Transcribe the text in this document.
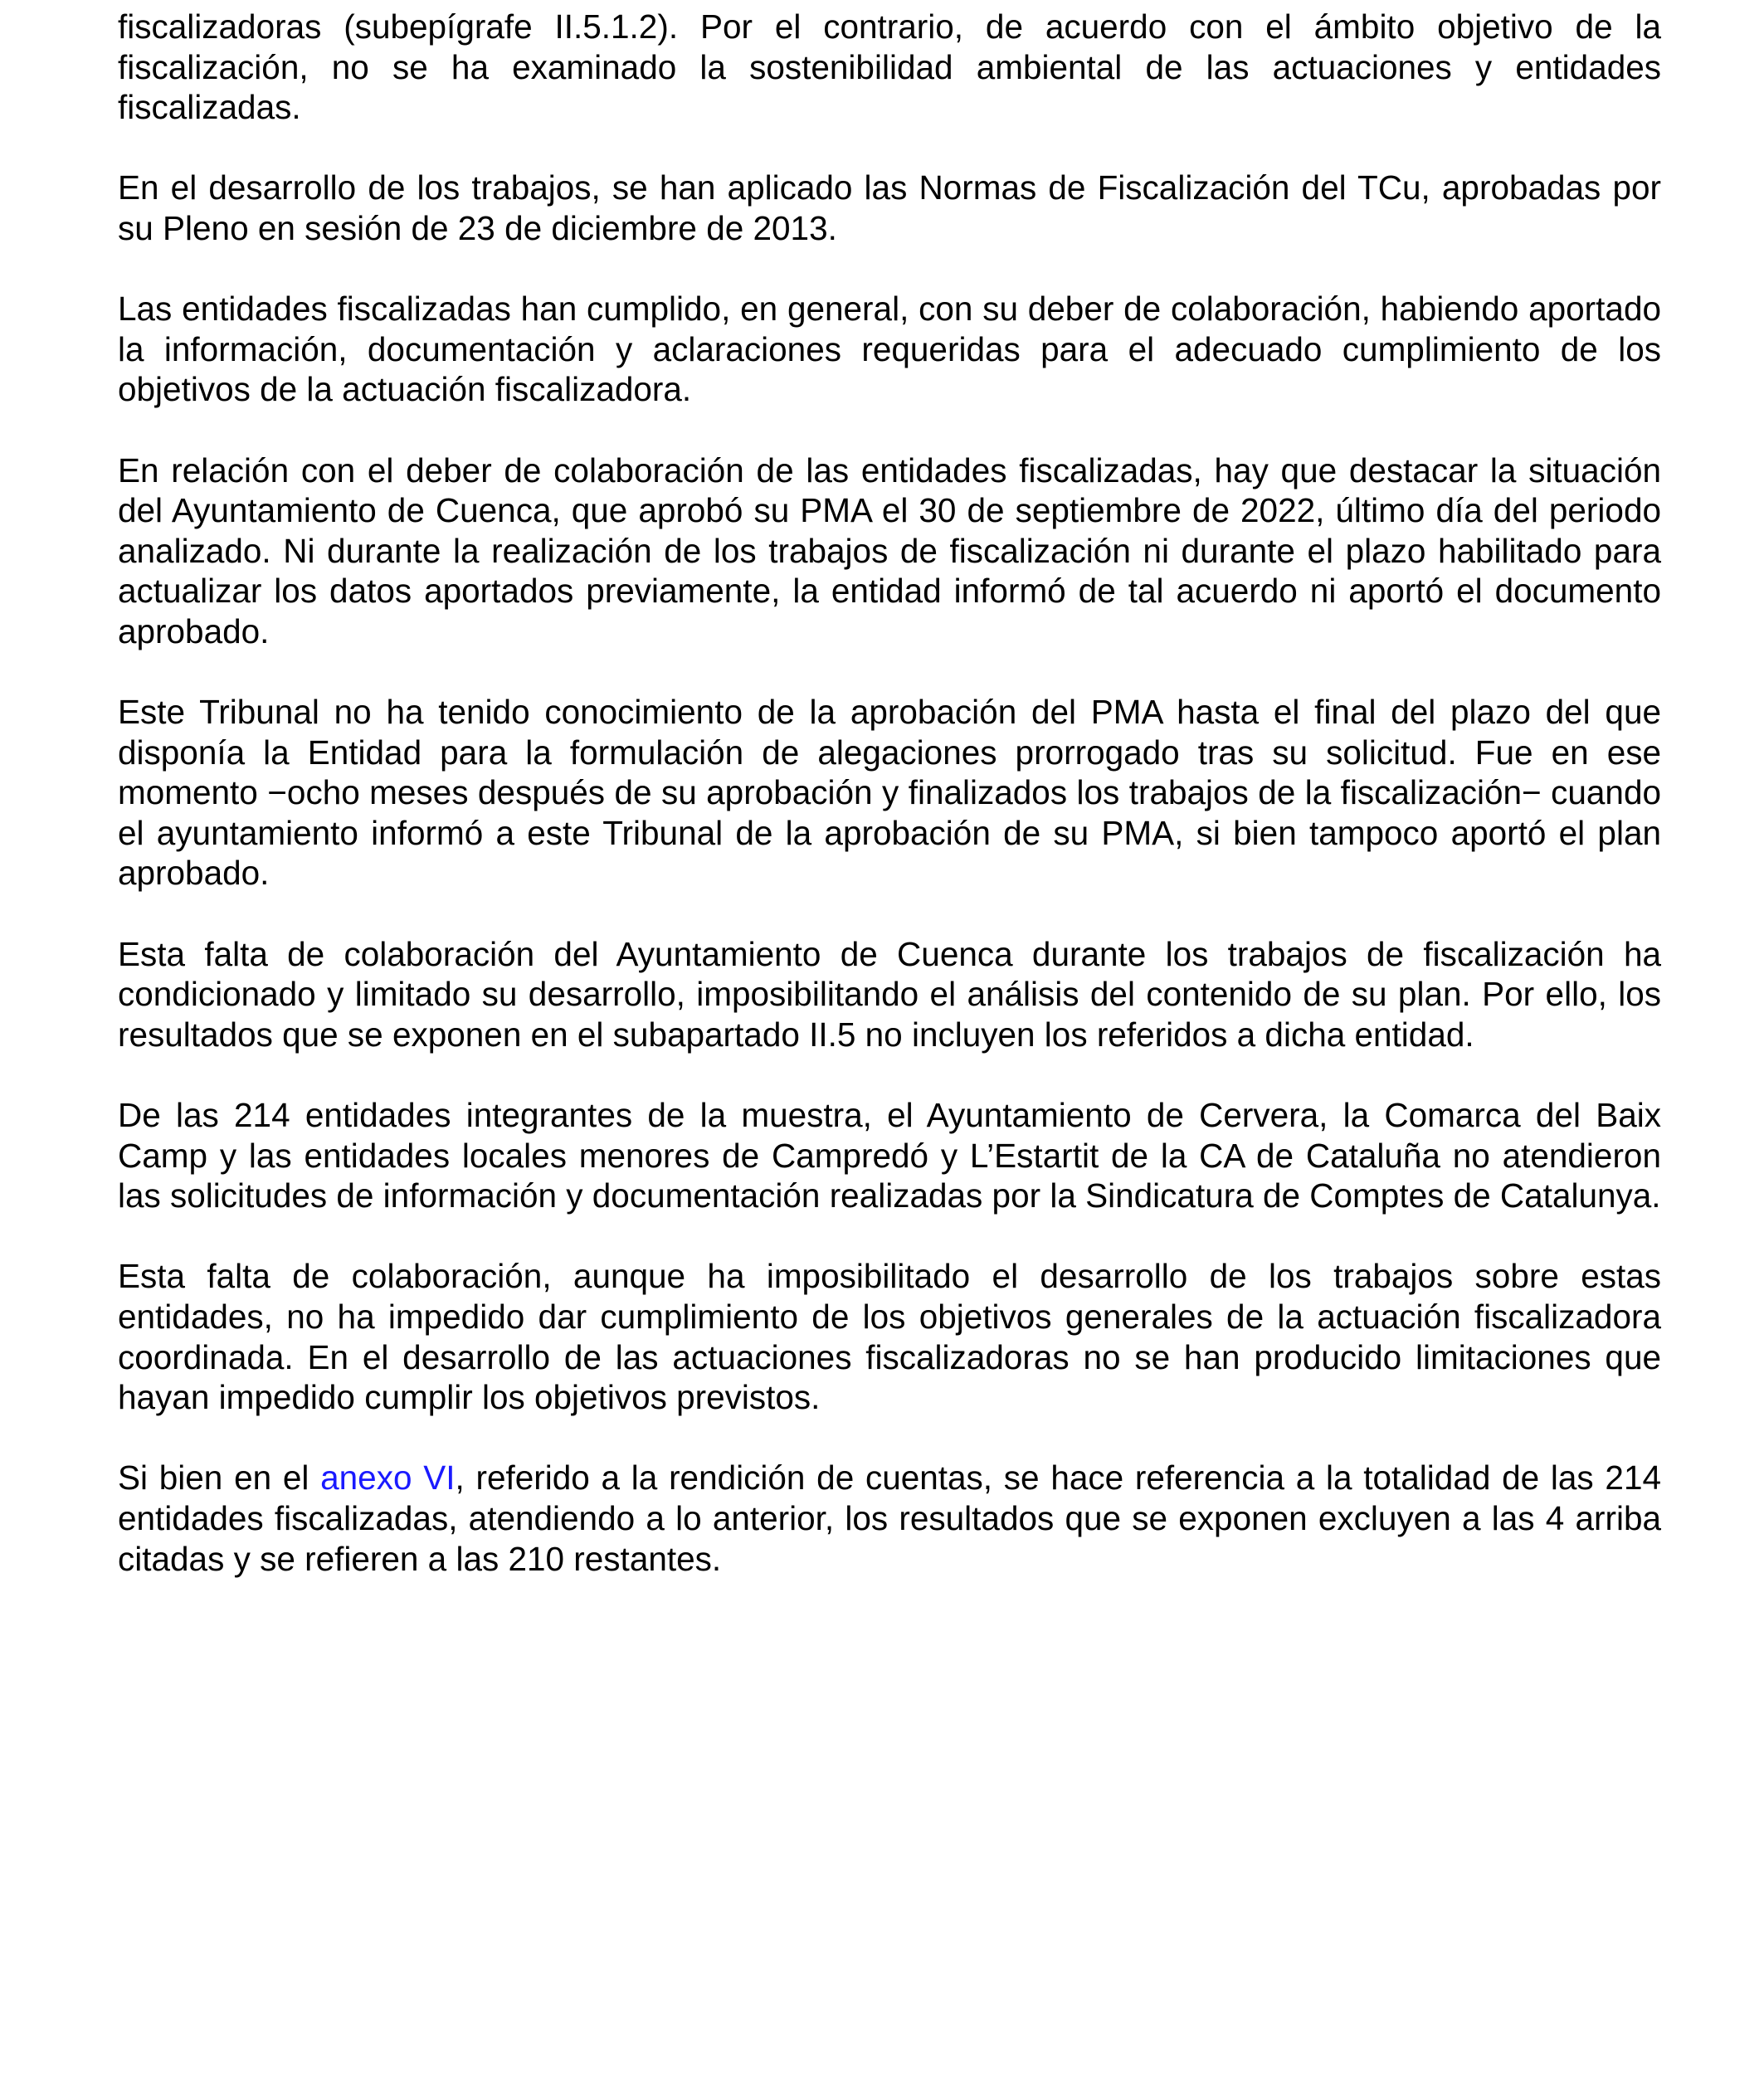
fiscalizadoras (subepígrafe II.5.1.2). Por el contrario, de acuerdo con el ámbito objetivo de la fiscalización, no se ha examinado la sostenibilidad ambiental de las actuaciones y entidades fiscalizadas.

En el desarrollo de los trabajos, se han aplicado las Normas de Fiscalización del TCu, aprobadas por su Pleno en sesión de 23 de diciembre de 2013.

Las entidades fiscalizadas han cumplido, en general, con su deber de colaboración, habiendo aportado la información, documentación y aclaraciones requeridas para el adecuado cumplimiento de los objetivos de la actuación fiscalizadora.

En relación con el deber de colaboración de las entidades fiscalizadas, hay que destacar la situación del Ayuntamiento de Cuenca, que aprobó su PMA el 30 de septiembre de 2022, último día del periodo analizado. Ni durante la realización de los trabajos de fiscalización ni durante el plazo habilitado para actualizar los datos aportados previamente, la entidad informó de tal acuerdo ni aportó el documento aprobado.

Este Tribunal no ha tenido conocimiento de la aprobación del PMA hasta el final del plazo del que disponía la Entidad para la formulación de alegaciones prorrogado tras su solicitud. Fue en ese momento −ocho meses después de su aprobación y finalizados los trabajos de la fiscalización− cuando el ayuntamiento informó a este Tribunal de la aprobación de su PMA, si bien tampoco aportó el plan aprobado.

Esta falta de colaboración del Ayuntamiento de Cuenca durante los trabajos de fiscalización ha condicionado y limitado su desarrollo, imposibilitando el análisis del contenido de su plan. Por ello, los resultados que se exponen en el subapartado II.5 no incluyen los referidos a dicha entidad.

De las 214 entidades integrantes de la muestra, el Ayuntamiento de Cervera, la Comarca del Baix Camp y las entidades locales menores de Campredó y L’Estartit de la CA de Cataluña no atendieron las solicitudes de información y documentación realizadas por la Sindicatura de Comptes de Catalunya.

Esta falta de colaboración, aunque ha imposibilitado el desarrollo de los trabajos sobre estas entidades, no ha impedido dar cumplimiento de los objetivos generales de la actuación fiscalizadora coordinada. En el desarrollo de las actuaciones fiscalizadoras no se han producido limitaciones que hayan impedido cumplir los objetivos previstos.

Si bien en el anexo VI, referido a la rendición de cuentas, se hace referencia a la totalidad de las 214 entidades fiscalizadas, atendiendo a lo anterior, los resultados que se exponen excluyen a las 4 arriba citadas y se refieren a las 210 restantes.
